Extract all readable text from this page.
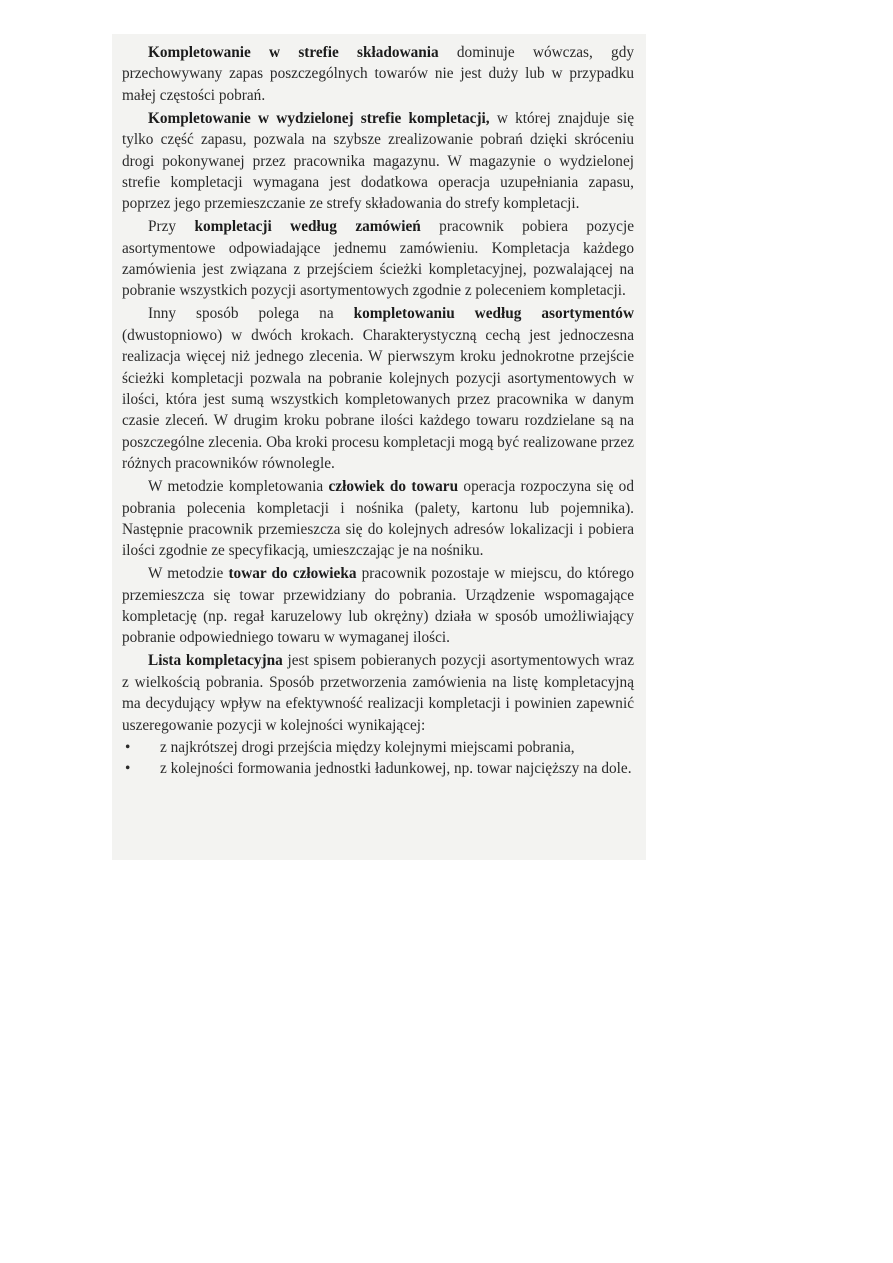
Kompletowanie w strefie składowania dominuje wówczas, gdy przechowywany zapas poszczególnych towarów nie jest duży lub w przypadku małej częstości pobrań.

Kompletowanie w wydzielonej strefie kompletacji, w której znajduje się tylko część zapasu, pozwala na szybsze zrealizowanie pobrań dzięki skróceniu drogi pokonywanej przez pracownika magazynu. W magazynie o wydzielonej strefie kompletacji wymagana jest dodatkowa operacja uzupełniania zapasu, poprzez jego przemieszczanie ze strefy składowania do strefy kompletacji.

Przy kompletacji według zamówień pracownik pobiera pozycje asortymentowe odpowiadające jednemu zamówieniu. Kompletacja każdego zamówienia jest związana z przejściem ścieżki kompletacyjnej, pozwalającej na pobranie wszystkich pozycji asortymentowych zgodnie z poleceniem kompletacji.

Inny sposób polega na kompletowaniu według asortymentów (dwustopniowo) w dwóch krokach. Charakterystyczną cechą jest jednoczesna realizacja więcej niż jednego zlecenia. W pierwszym kroku jednokrotne przejście ścieżki kompletacji pozwala na pobranie kolejnych pozycji asortymentowych w ilości, która jest sumą wszystkich kompletowanych przez pracownika w danym czasie zleceń. W drugim kroku pobrane ilości każdego towaru rozdzielane są na poszczególne zlecenia. Oba kroki procesu kompletacji mogą być realizowane przez różnych pracowników równolegle.

W metodzie kompletowania człowiek do towaru operacja rozpoczyna się od pobrania polecenia kompletacji i nośnika (palety, kartonu lub pojemnika). Następnie pracownik przemieszcza się do kolejnych adresów lokalizacji i pobiera ilości zgodnie ze specyfikacją, umieszczając je na nośniku.

W metodzie towar do człowieka pracownik pozostaje w miejscu, do którego przemieszcza się towar przewidziany do pobrania. Urządzenie wspomagające kompletację (np. regał karuzelowy lub okrężny) działa w sposób umożliwiający pobranie odpowiedniego towaru w wymaganej ilości.

Lista kompletacyjna jest spisem pobieranych pozycji asortymentowych wraz z wielkością pobrania. Sposób przetworzenia zamówienia na listę kompletacyjną ma decydujący wpływ na efektywność realizacji kompletacji i powinien zapewnić uszeregowanie pozycji w kolejności wynikającej:

• z najkrótszej drogi przejścia między kolejnymi miejscami pobrania,
• z kolejności formowania jednostki ładunkowej, np. towar najcięższy na dole.
